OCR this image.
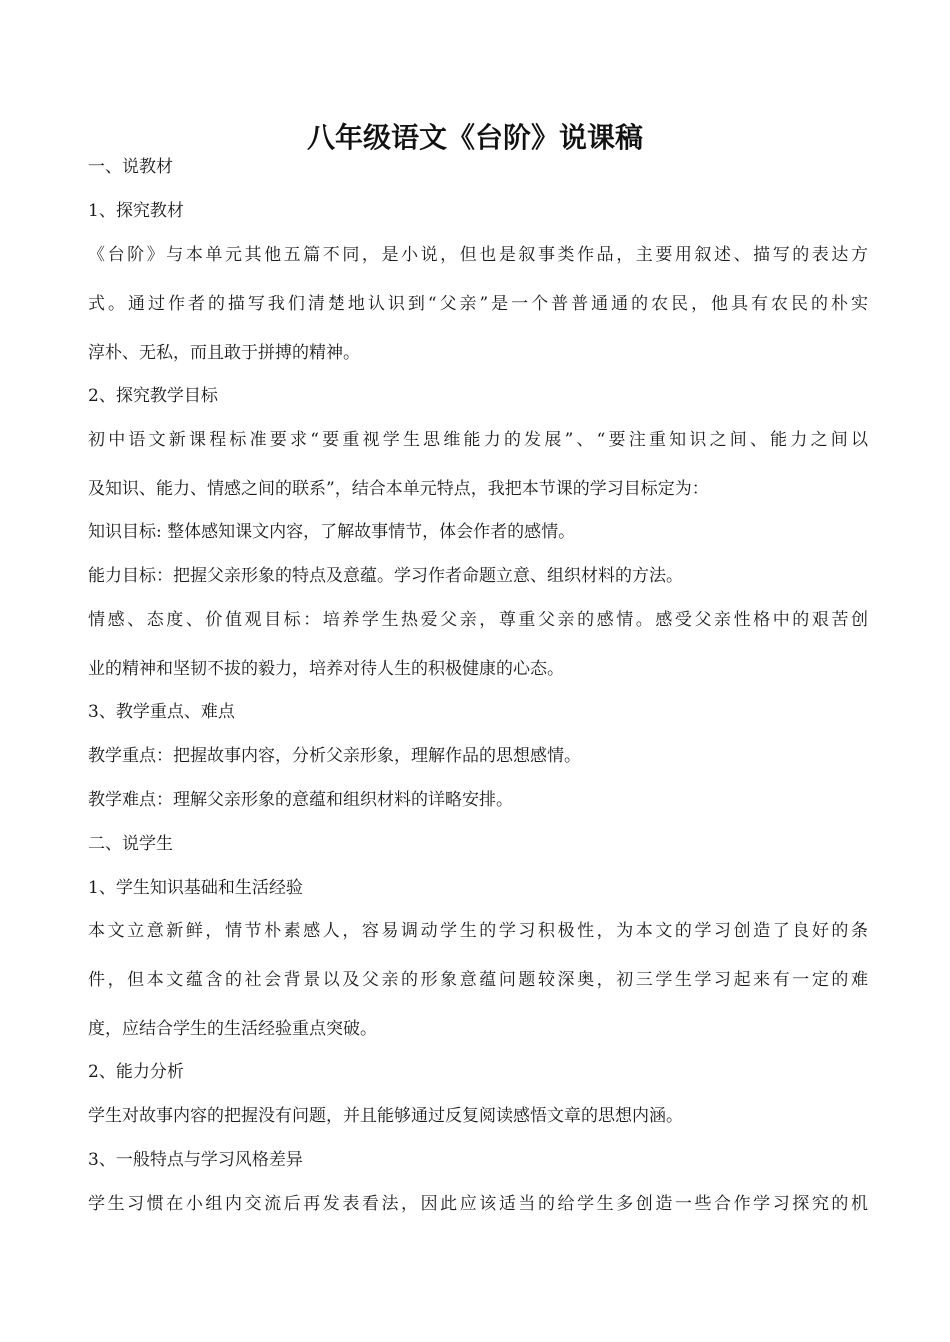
八年级语文《台阶》说课稿
一、说教材
1、探究教材
《台阶》与本单元其他五篇不同，是小说，但也是叙事类作品，主要用叙述、描写的表达方
式。通过作者的描写我们清楚地认识到“父亲”是一个普普通通的农民，他具有农民的朴实
淳朴、无私，而且敢于拼搏的精神。
2、探究教学目标
初中语文新课程标准要求“要重视学生思维能力的发展”、“要注重知识之间、能力之间以
及知识、能力、情感之间的联系”，结合本单元特点，我把本节课的学习目标定为：
知识目标: 整体感知课文内容，了解故事情节，体会作者的感情。
能力目标：把握父亲形象的特点及意蕴。学习作者命题立意、组织材料的方法。
情感、态度、价值观目标：培养学生热爱父亲，尊重父亲的感情。感受父亲性格中的艰苦创
业的精神和坚韧不拔的毅力，培养对待人生的积极健康的心态。
3、教学重点、难点
教学重点：把握故事内容，分析父亲形象，理解作品的思想感情。
教学难点：理解父亲形象的意蕴和组织材料的详略安排。
二、说学生
1、学生知识基础和生活经验
本文立意新鲜，情节朴素感人，容易调动学生的学习积极性，为本文的学习创造了良好的条
件，但本文蕴含的社会背景以及父亲的形象意蕴问题较深奥，初三学生学习起来有一定的难
度，应结合学生的生活经验重点突破。
2、能力分析
学生对故事内容的把握没有问题，并且能够通过反复阅读感悟文章的思想内涵。
3、一般特点与学习风格差异
学生习惯在小组内交流后再发表看法，因此应该适当的给学生多创造一些合作学习探究的机
